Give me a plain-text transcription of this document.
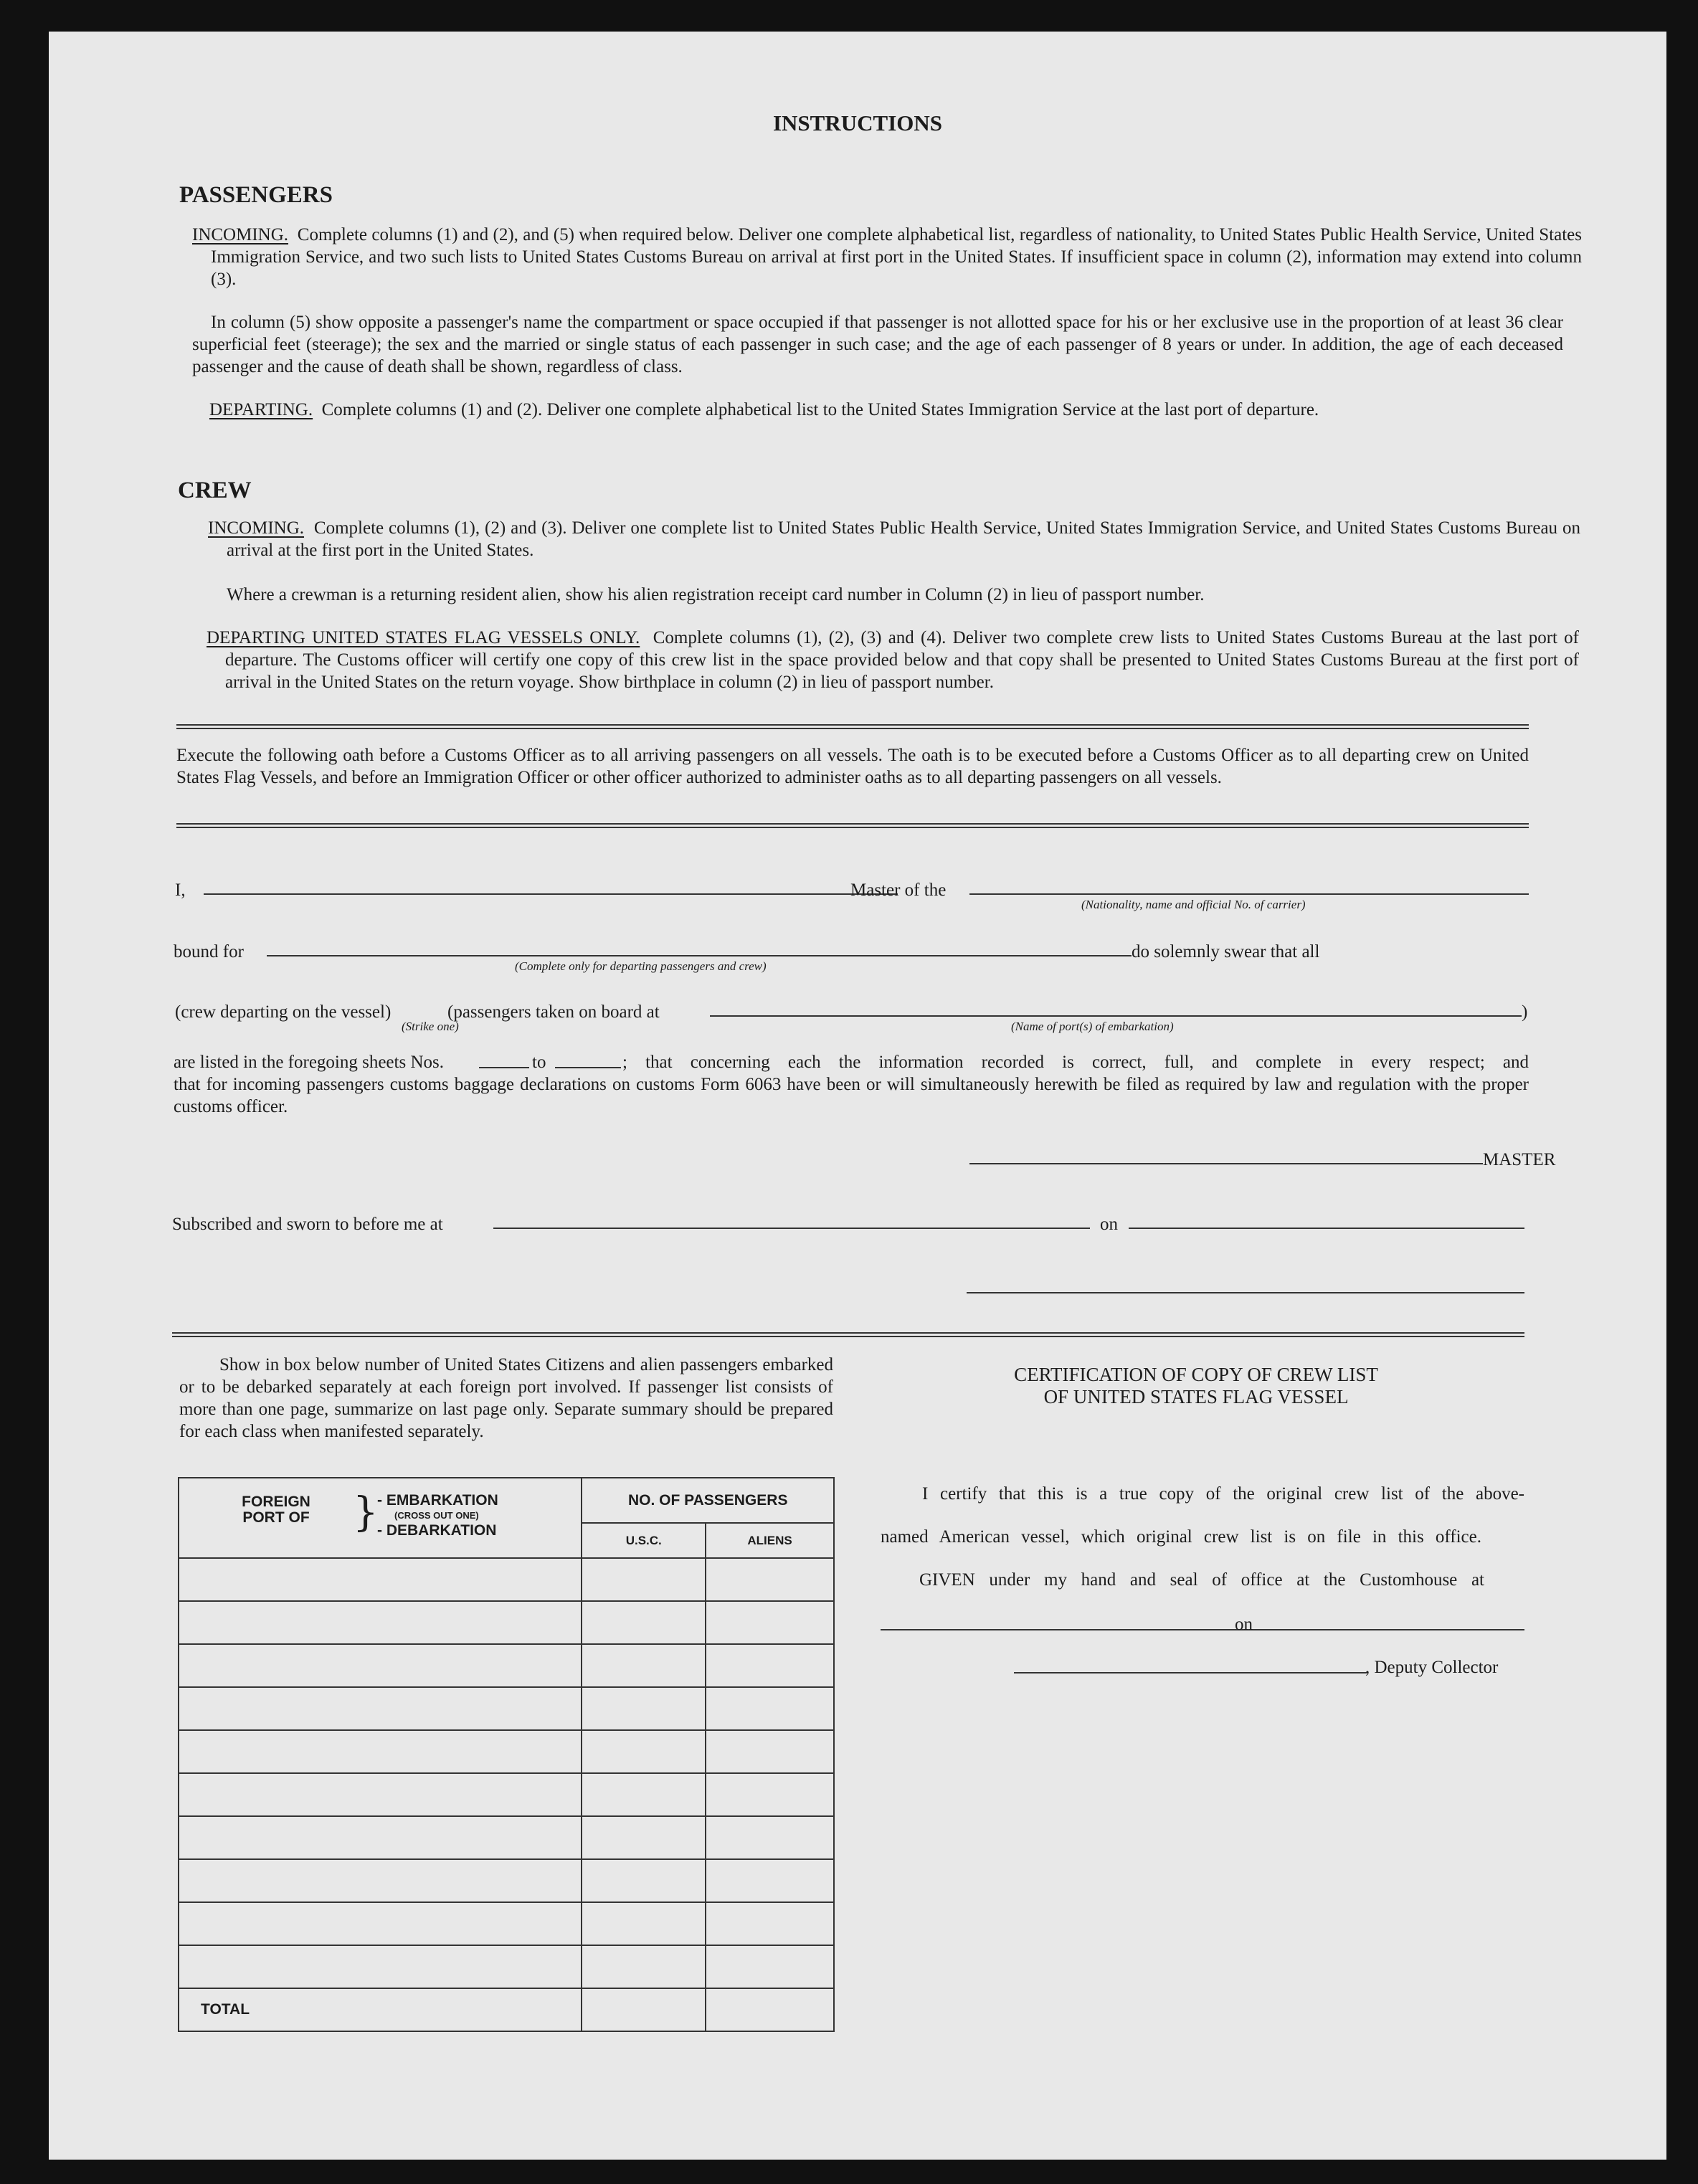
INSTRUCTIONS
PASSENGERS
INCOMING. Complete columns (1) and (2), and (5) when required below. Deliver one complete alphabetical list, regardless of nationality, to United States Public Health Service, United States Immigration Service, and two such lists to United States Customs Bureau on arrival at first port in the United States. If insufficient space in column (2), information may extend into column (3).
In column (5) show opposite a passenger's name the compartment or space occupied if that passenger is not allotted space for his or her exclusive use in the proportion of at least 36 clear superficial feet (steerage); the sex and the married or single status of each passenger in such case; and the age of each passenger of 8 years or under. In addition, the age of each deceased passenger and the cause of death shall be shown, regardless of class.
DEPARTING. Complete columns (1) and (2). Deliver one complete alphabetical list to the United States Immigration Service at the last port of departure.
CREW
INCOMING. Complete columns (1), (2) and (3). Deliver one complete list to United States Public Health Service, United States Immigration Service, and United States Customs Bureau on arrival at the first port in the United States.
Where a crewman is a returning resident alien, show his alien registration receipt card number in Column (2) in lieu of passport number.
DEPARTING UNITED STATES FLAG VESSELS ONLY. Complete columns (1), (2), (3) and (4). Deliver two complete crew lists to United States Customs Bureau at the last port of departure. The Customs officer will certify one copy of this crew list in the space provided below and that copy shall be presented to United States Customs Bureau at the first port of arrival in the United States on the return voyage. Show birthplace in column (2) in lieu of passport number.
Execute the following oath before a Customs Officer as to all arriving passengers on all vessels. The oath is to be executed before a Customs Officer as to all departing crew on United States Flag Vessels, and before an Immigration Officer or other officer authorized to administer oaths as to all departing passengers on all vessels.
I,	Master of the
(Nationality, name and official No. of carrier)
bound for	do solemnly swear that all
(Complete only for departing passengers and crew)
(crew departing on the vessel)	(passengers taken on board at	)
(Strike one)	(Name of port(s) of embarkation)
are listed in the foregoing sheets Nos.	to	; that concerning each the information recorded is correct, full, and complete in every respect; and
that for incoming passengers customs baggage declarations on customs Form 6063 have been or will simultaneously herewith be filed as required by law and regulation with the proper customs officer.
MASTER
Subscribed and sworn to before me at	on
Show in box below number of United States Citizens and alien passengers embarked or to be debarked separately at each foreign port involved. If passenger list consists of more than one page, summarize on last page only. Separate summary should be prepared for each class when manifested separately.
FOREIGN PORT OF }
- EMBARKATION
(CROSS OUT ONE)
- DEBARKATION	NO. OF PASSENGERS	
	U.S.C.	ALIENS

TOTAL		
CERTIFICATION OF COPY OF CREW LIST
OF UNITED STATES FLAG VESSEL
I certify that this is a true copy of the original crew list of the above-
named American vessel, which original crew list is on file in this office.
GIVEN under my hand and seal of office at the Customhouse at
on
, Deputy Collector
